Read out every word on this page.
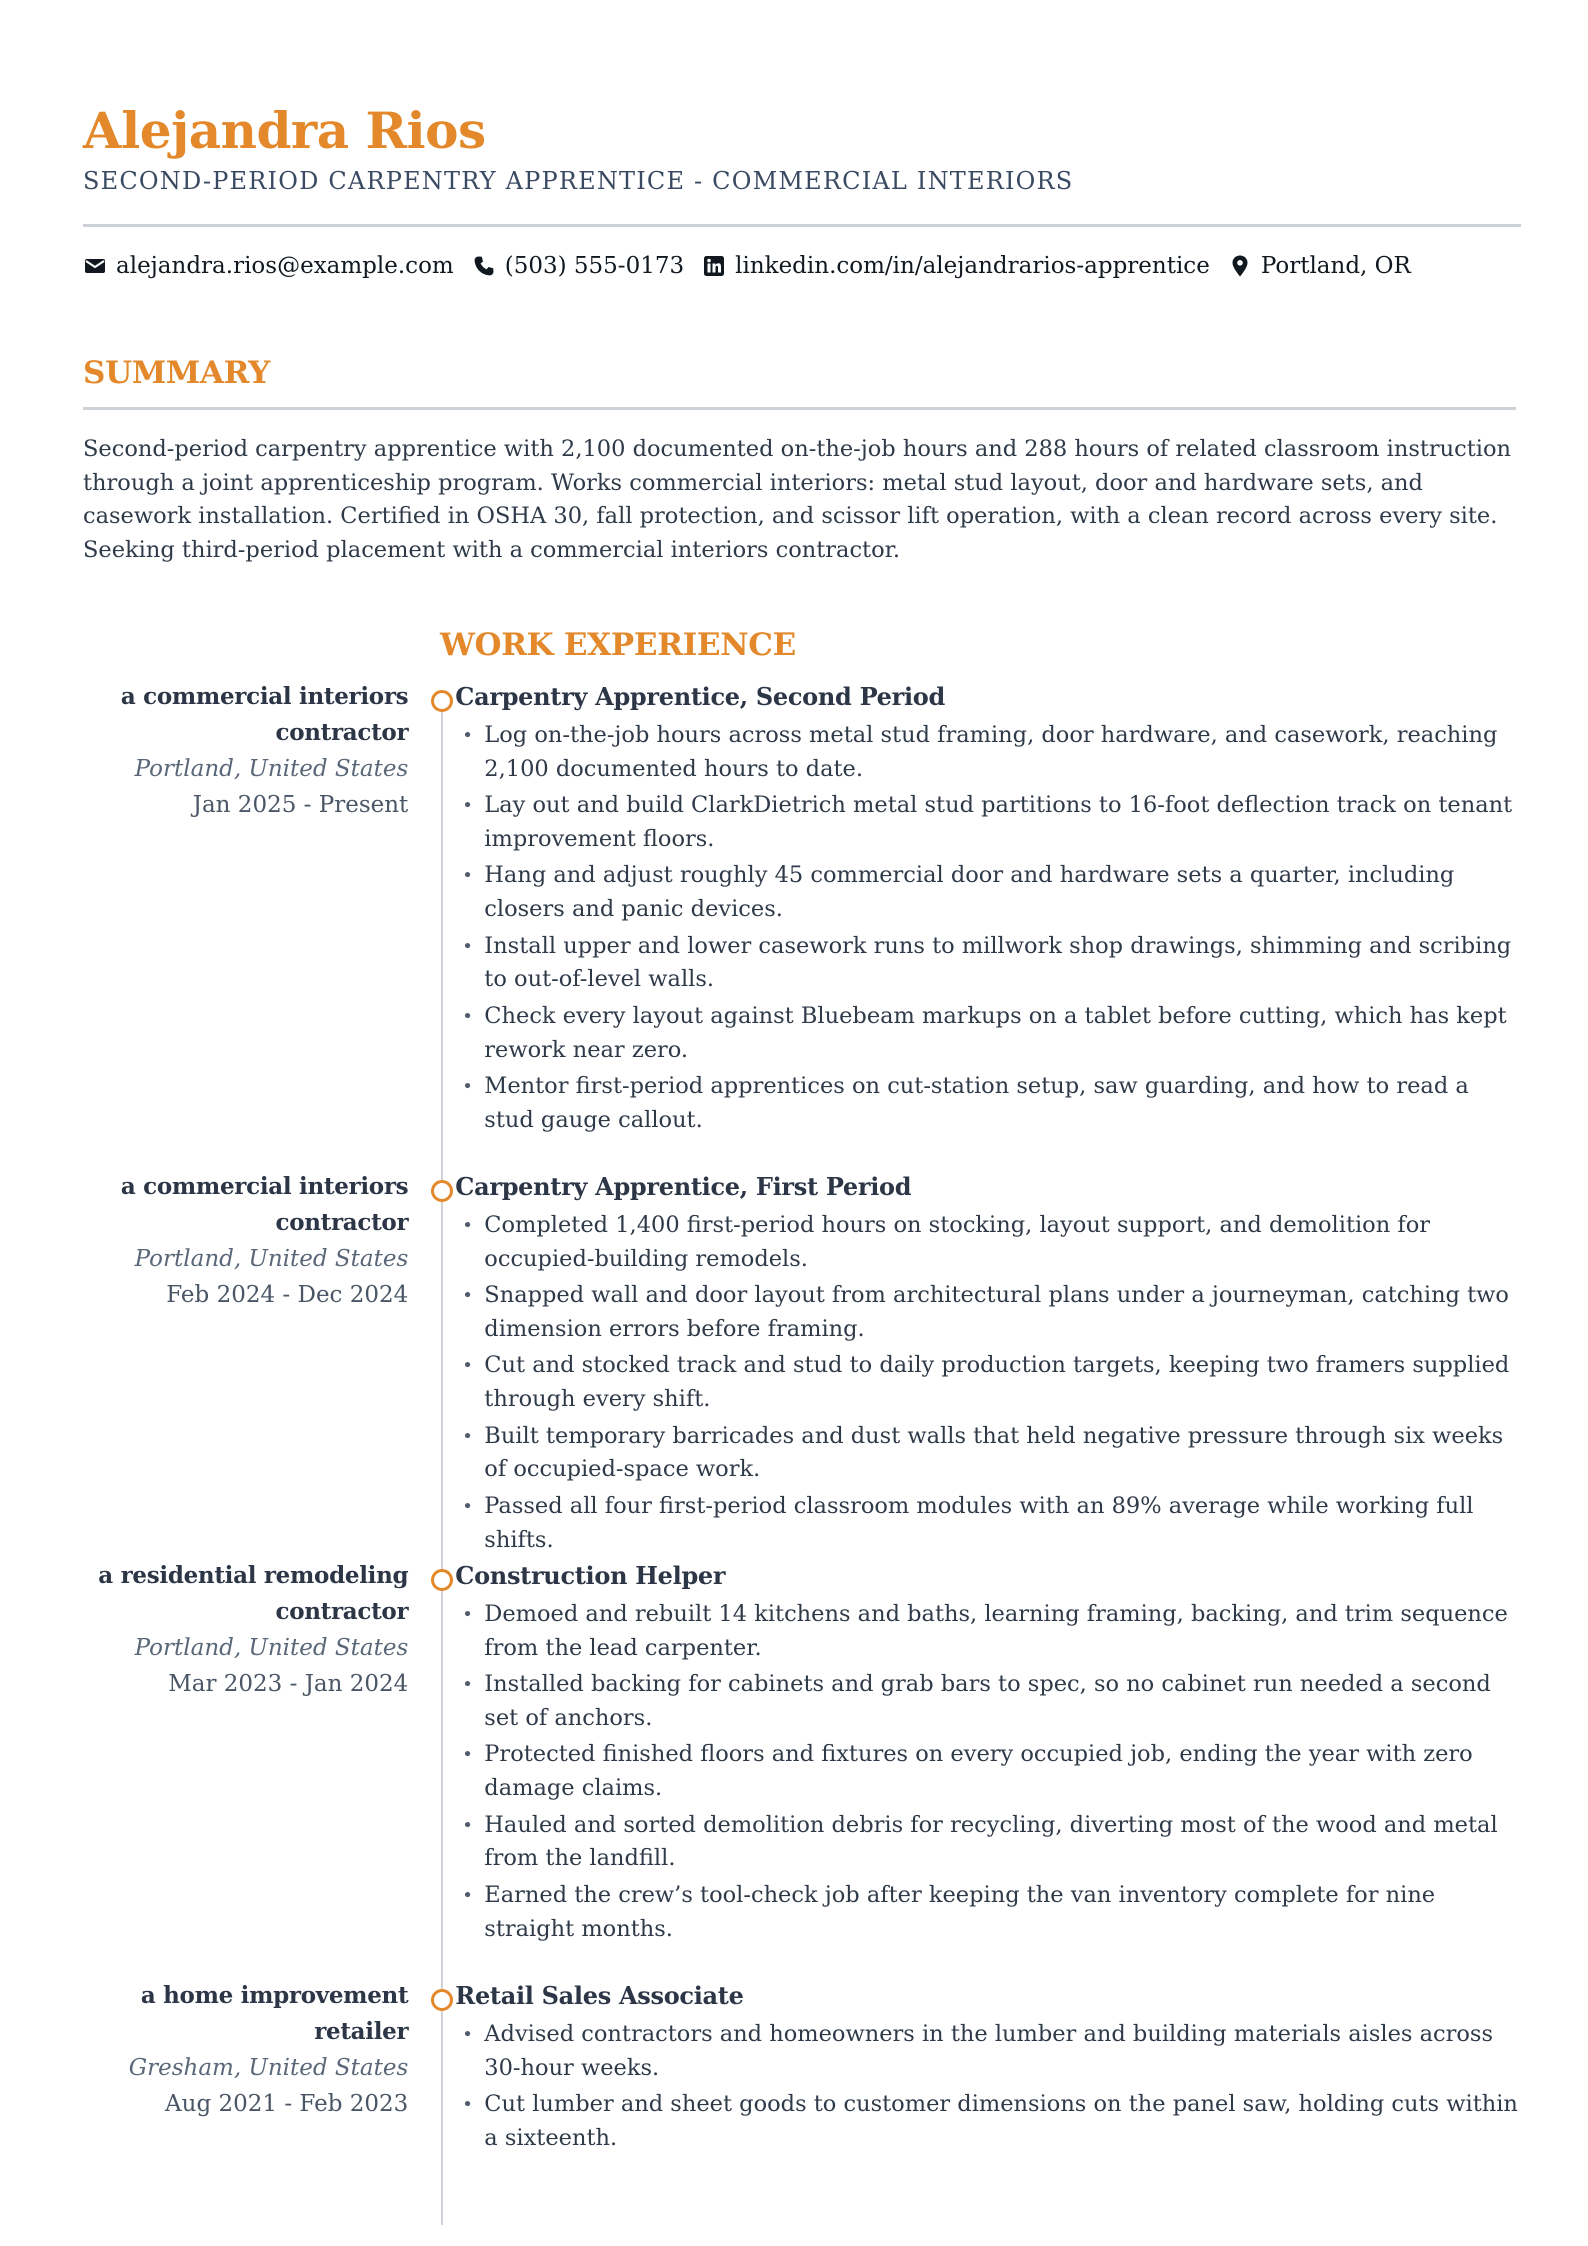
Alejandra Rios
SECOND-PERIOD CARPENTRY APPRENTICE - COMMERCIAL INTERIORS
alejandra.rios@example.com (503) 555-0173 linkedin.com/in/alejandrarios-apprentice Portland, OR
SUMMARY

Second-period carpentry apprentice with 2,100 documented on-the-job hours and 288 hours of related classroom instruction through a joint apprenticeship program. Works commercial interiors: metal stud layout, door and hardware sets, and casework installation. Certified in OSHA 30, fall protection, and scissor lift operation, with a clean record across every site. Seeking third-period placement with a commercial interiors contractor.

WORK EXPERIENCE
a commercial interiors contractor
Portland, United States
Jan 2025 - Present
Carpentry Apprentice, Second Period
• Log on-the-job hours across metal stud framing, door hardware, and casework, reaching 2,100 documented hours to date.
• Lay out and build ClarkDietrich metal stud partitions to 16-foot deflection track on tenant improvement floors.
• Hang and adjust roughly 45 commercial door and hardware sets a quarter, including closers and panic devices.
• Install upper and lower casework runs to millwork shop drawings, shimming and scribing to out-of-level walls.
• Check every layout against Bluebeam markups on a tablet before cutting, which has kept rework near zero.
• Mentor first-period apprentices on cut-station setup, saw guarding, and how to read a stud gauge callout.
a commercial interiors contractor
Portland, United States
Feb 2024 - Dec 2024
Carpentry Apprentice, First Period
• Completed 1,400 first-period hours on stocking, layout support, and demolition for occupied-building remodels.
• Snapped wall and door layout from architectural plans under a journeyman, catching two dimension errors before framing.
• Cut and stocked track and stud to daily production targets, keeping two framers supplied through every shift.
• Built temporary barricades and dust walls that held negative pressure through six weeks of occupied-space work.
• Passed all four first-period classroom modules with an 89% average while working full shifts.
a residential remodeling contractor
Portland, United States
Mar 2023 - Jan 2024
Construction Helper
• Demoed and rebuilt 14 kitchens and baths, learning framing, backing, and trim sequence from the lead carpenter.
• Installed backing for cabinets and grab bars to spec, so no cabinet run needed a second set of anchors.
• Protected finished floors and fixtures on every occupied job, ending the year with zero damage claims.
• Hauled and sorted demolition debris for recycling, diverting most of the wood and metal from the landfill.
• Earned the crew’s tool-check job after keeping the van inventory complete for nine straight months.
a home improvement retailer
Gresham, United States
Aug 2021 - Feb 2023
Retail Sales Associate
• Advised contractors and homeowners in the lumber and building materials aisles across 30-hour weeks.
• Cut lumber and sheet goods to customer dimensions on the panel saw, holding cuts within a sixteenth.
